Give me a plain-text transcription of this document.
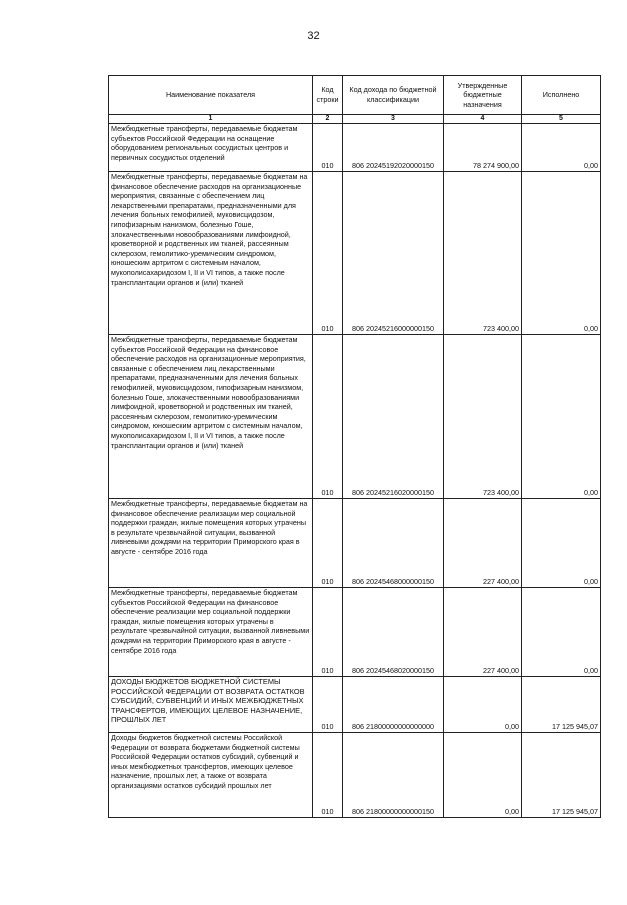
32
Наименование показателя	Код строки	Код дохода по бюджетной классификации	Утвержденные бюджетные назначения	Исполнено
1	2	3	4	5
Межбюджетные трансферты, передаваемые бюджетам субъектов Российской Федерации на оснащение оборудованием региональных сосудистых центров и первичных сосудистых отделений	010	806 20245192020000150	78 274 900,00	0,00
Межбюджетные трансферты, передаваемые бюджетам на финансовое обеспечение расходов на организационные мероприятия, связанные с обеспечением лиц лекарственными препаратами, предназначенными для лечения больных гемофилией, муковисцидозом, гипофизарным нанизмом, болезнью Гоше, злокачественными новообразованиями лимфоидной, кроветворной и родственных им тканей, рассеянным склерозом, гемолитико-уремическим синдромом, юношеским артритом с системным началом, мукополисахаридозом I, II и VI типов, а также после трансплантации органов и (или) тканей	010	806 20245216000000150	723 400,00	0,00
Межбюджетные трансферты, передаваемые бюджетам субъектов Российской Федерации на финансовое обеспечение расходов на организационные мероприятия, связанные с обеспечением лиц лекарственными препаратами, предназначенными для лечения больных гемофилией, муковисцидозом, гипофизарным нанизмом, болезнью Гоше, злокачественными новообразованиями лимфоидной, кроветворной и родственных им тканей, рассеянным склерозом, гемолитико-уремическим синдромом, юношеским артритом с системным началом, мукополисахаридозом I, II и VI типов, а также после трансплантации органов и (или) тканей	010	806 20245216020000150	723 400,00	0,00
Межбюджетные трансферты, передаваемые бюджетам на финансовое обеспечение реализации мер социальной поддержки граждан, жилые помещения которых утрачены в результате чрезвычайной ситуации, вызванной ливневыми дождями на территории Приморского края в августе - сентябре 2016 года	010	806 20245468000000150	227 400,00	0,00
Межбюджетные трансферты, передаваемые бюджетам субъектов Российской Федерации на финансовое обеспечение реализации мер социальной поддержки граждан, жилые помещения которых утрачены в результате чрезвычайной ситуации, вызванной ливневыми дождями на территории Приморского края в августе - сентябре 2016 года	010	806 20245468020000150	227 400,00	0,00
ДОХОДЫ БЮДЖЕТОВ БЮДЖЕТНОЙ СИСТЕМЫ РОССИЙСКОЙ ФЕДЕРАЦИИ ОТ ВОЗВРАТА ОСТАТКОВ СУБСИДИЙ, СУБВЕНЦИЙ И ИНЫХ МЕЖБЮДЖЕТНЫХ ТРАНСФЕРТОВ, ИМЕЮЩИХ ЦЕЛЕВОЕ НАЗНАЧЕНИЕ, ПРОШЛЫХ ЛЕТ	010	806 21800000000000000	0,00	17 125 945,07
Доходы бюджетов бюджетной системы Российской Федерации от возврата бюджетами бюджетной системы Российской Федерации остатков субсидий, субвенций и иных межбюджетных трансфертов, имеющих целевое назначение, прошлых лет, а также от возврата организациями остатков субсидий прошлых лет	010	806 21800000000000150	0,00	17 125 945,07
